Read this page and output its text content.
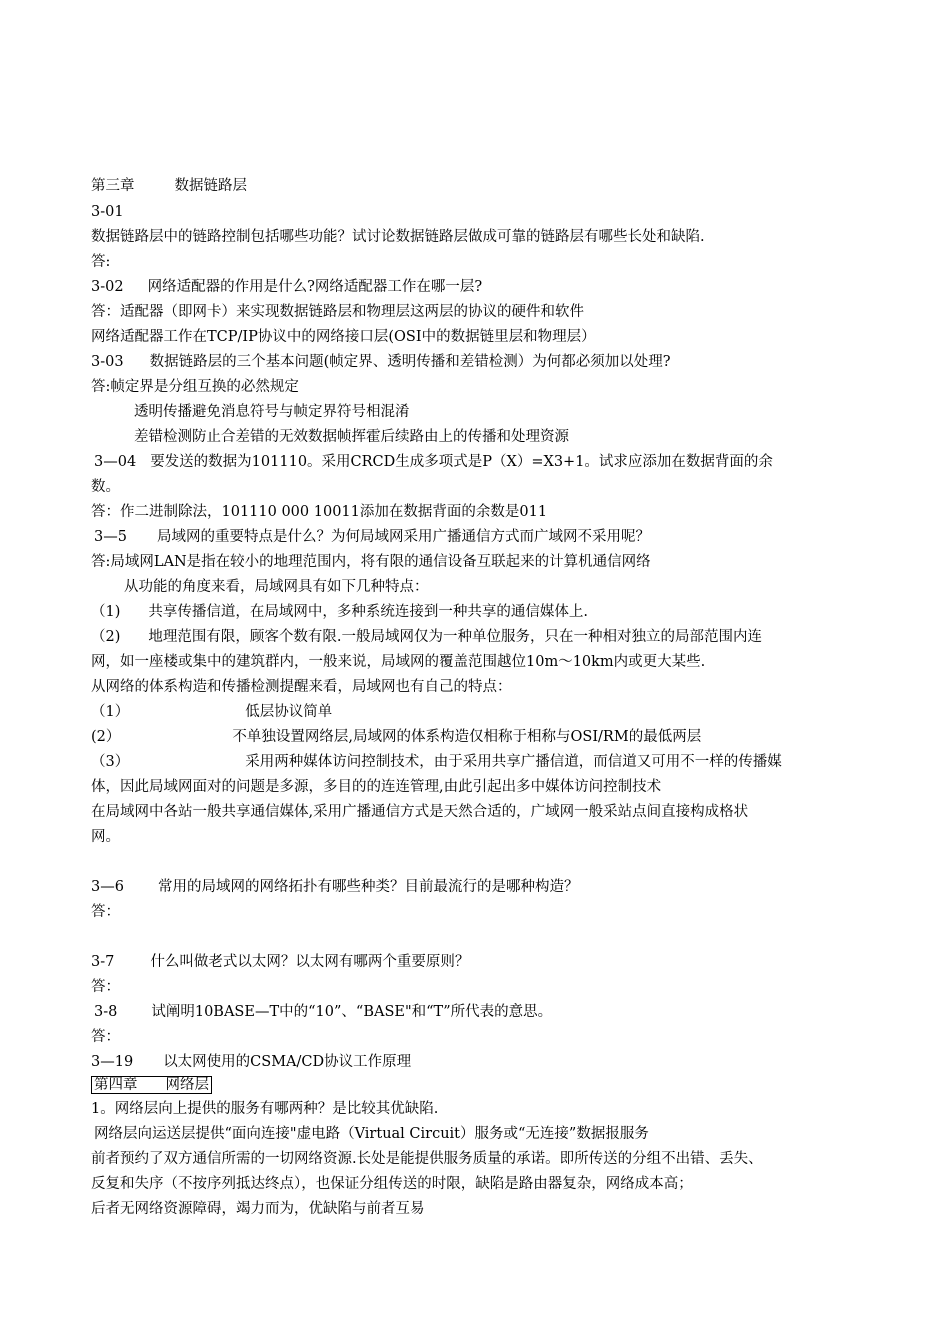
第三章	数据链路层
3-01
数据链路层中的链路控制包括哪些功能？试讨论数据链路层做成可靠的链路层有哪些长处和缺陷.
答:
3-02 网络适配器的作用是什么?网络适配器工作在哪一层?
答：适配器（即网卡）来实现数据链路层和物理层这两层的协议的硬件和软件
网络适配器工作在TCP/IP协议中的网络接口层(OSI中的数据链里层和物理层）
3-03 数据链路层的三个基本问题(帧定界、透明传播和差错检测）为何都必须加以处理?
答:帧定界是分组互换的必然规定
透明传播避免消息符号与帧定界符号相混淆
差错检测防止合差错的无效数据帧挥霍后续路由上的传播和处理资源
3—04 要发送的数据为101110。采用CRCD生成多项式是P（X）=X3+1。试求应添加在数据背面的余
数。
答：作二进制除法，101110 000 10011添加在数据背面的余数是011
3—5 局域网的重要特点是什么？为何局域网采用广播通信方式而广域网不采用呢？
答:局域网LAN是指在较小的地理范围内，将有限的通信设备互联起来的计算机通信网络
从功能的角度来看，局域网具有如下几种特点：
（1) 共享传播信道，在局域网中，多种系统连接到一种共享的通信媒体上.
（2) 地理范围有限，顾客个数有限.一般局域网仅为一种单位服务，只在一种相对独立的局部范围内连
网，如一座楼或集中的建筑群内，一般来说，局域网的覆盖范围越位10m～10km内或更大某些.
从网络的体系构造和传播检测提醒来看，局域网也有自己的特点：
（1）	低层协议简单
(2）	不单独设置网络层,局域网的体系构造仅相称于相称与OSI/RM的最低两层
（3）	采用两种媒体访问控制技术，由于采用共享广播信道，而信道又可用不一样的传播媒
体，因此局域网面对的问题是多源，多目的的连连管理,由此引起出多中媒体访问控制技术
在局域网中各站一般共享通信媒体,采用广播通信方式是天然合适的，广域网一般采站点间直接构成格状
网。
3—6 常用的局域网的网络拓扑有哪些种类？目前最流行的是哪种构造？
答：
3-7 什么叫做老式以太网？以太网有哪两个重要原则？
答：
3-8 试阐明10BASE—T中的“10”、“BASE"和“T”所代表的意思。
答：
3—19 以太网使用的CSMA/CD协议工作原理
第四章 网络层
1。网络层向上提供的服务有哪两种？是比较其优缺陷.
网络层向运送层提供“面向连接"虚电路（Virtual Circuit）服务或“无连接”数据报服务
前者预约了双方通信所需的一切网络资源.长处是能提供服务质量的承诺。即所传送的分组不出错、丢失、
反复和失序（不按序列抵达终点），也保证分组传送的时限，缺陷是路由器复杂，网络成本高；
后者无网络资源障碍，竭力而为，优缺陷与前者互易
